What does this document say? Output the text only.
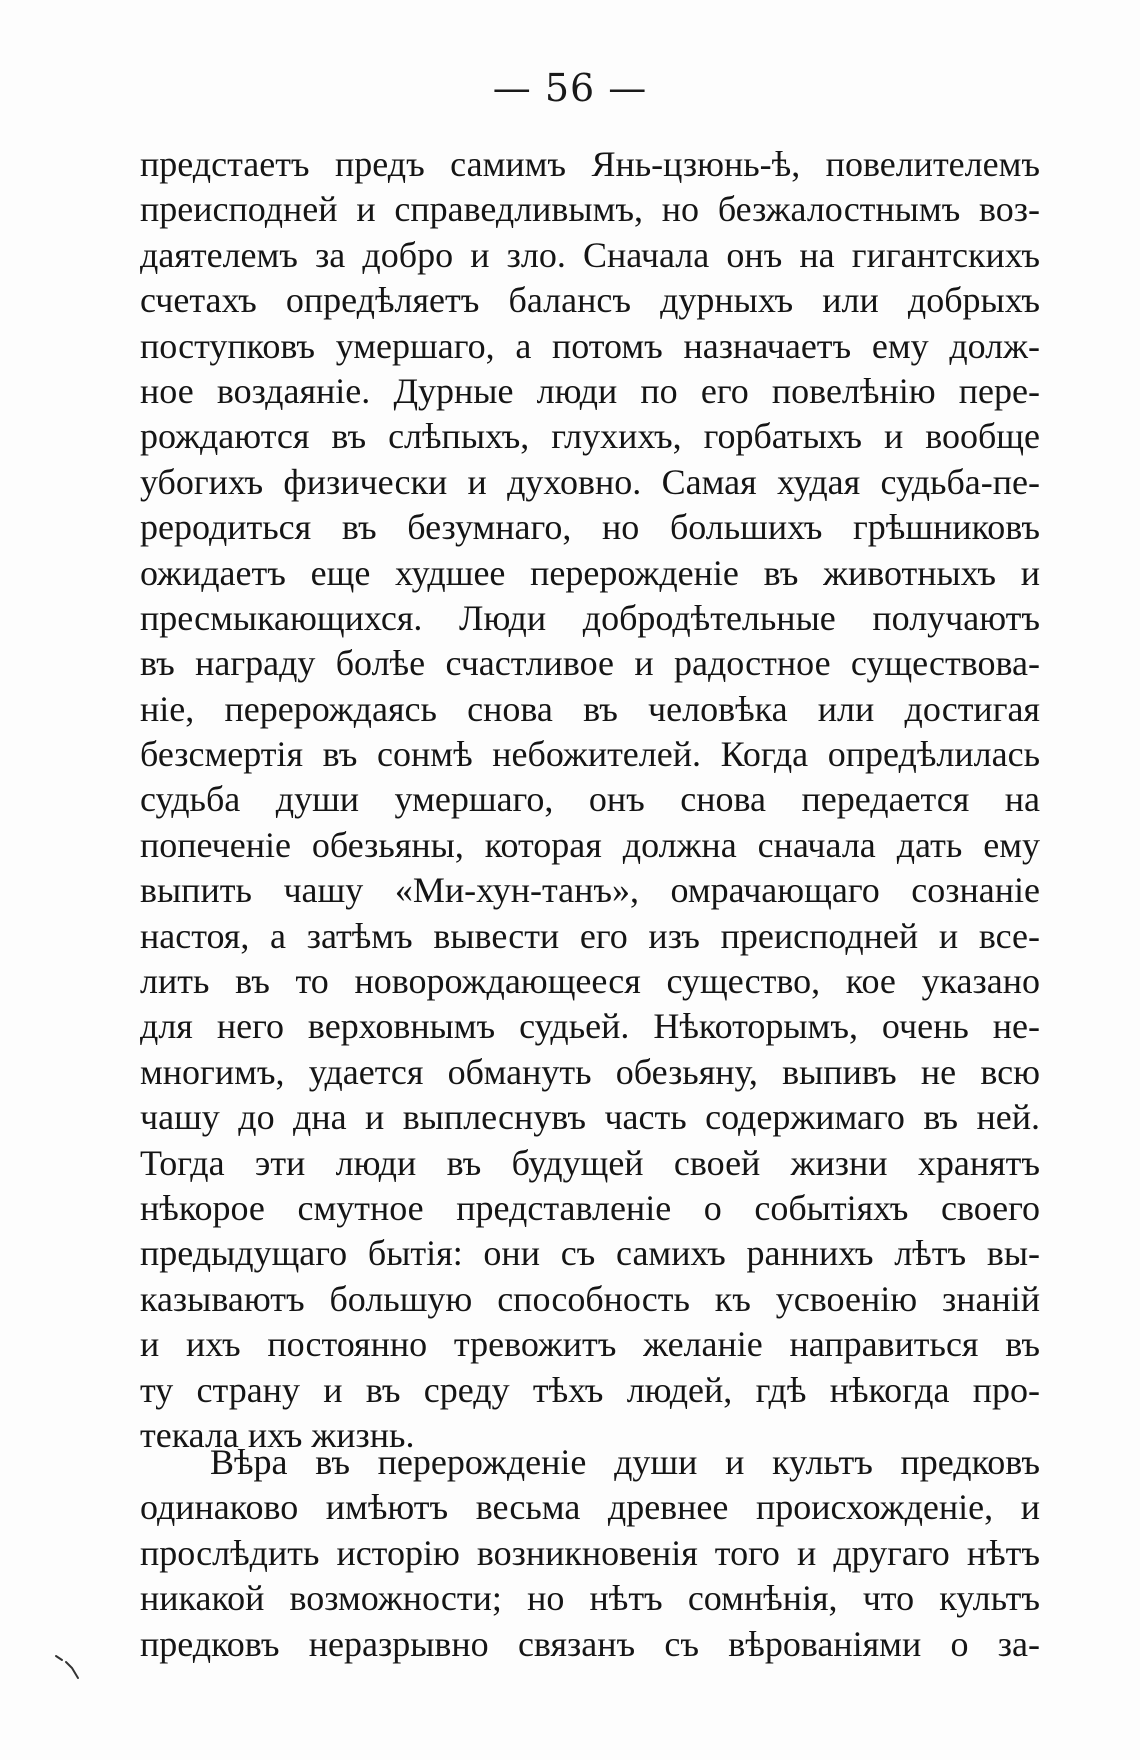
— 56 —
предстаетъ предъ самимъ Янь-цзюнь-ѣ, повелителемъ
преисподней и справедливымъ, но безжалостнымъ воз-
даятелемъ за добро и зло. Сначала онъ на гигантскихъ
счетахъ опредѣляетъ балансъ дурныхъ или добрыхъ
поступковъ умершаго, а потомъ назначаетъ ему долж-
ное воздаяніе. Дурные люди по его повелѣнію пере-
рождаются въ слѣпыхъ, глухихъ, горбатыхъ и вообще
убогихъ физически и духовно. Самая худая судьба-пе-
реродиться въ безумнаго, но большихъ грѣшниковъ
ожидаетъ еще худшее перерожденіе въ животныхъ и
пресмыкающихся. Люди добродѣтельные получаютъ
въ награду болѣе счастливое и радостное существова-
ніе, перерождаясь снова въ человѣка или достигая
безсмертія въ сонмѣ небожителей. Когда опредѣлилась
судьба души умершаго, онъ снова передается на
попеченіе обезьяны, которая должна сначала дать ему
выпить чашу «Ми-хун-танъ», омрачающаго сознаніе
настоя, а затѣмъ вывести его изъ преисподней и все-
лить въ то новорождающееся существо, кое указано
для него верховнымъ судьей. Нѣкоторымъ, очень не-
многимъ, удается обмануть обезьяну, выпивъ не всю
чашу до дна и выплеснувъ часть содержимаго въ ней.
Тогда эти люди въ будущей своей жизни хранятъ
нѣкорое смутное представленіе о событіяхъ своего
предыдущаго бытія: они съ самихъ раннихъ лѣтъ вы-
казываютъ большую способность къ усвоенію знаній
и ихъ постоянно тревожитъ желаніе направиться въ
ту страну и въ среду тѣхъ людей, гдѣ нѣкогда про-
текала ихъ жизнь.
Вѣра въ перерожденіе души и культъ предковъ
одинаково имѣютъ весьма древнее происхожденіе, и
прослѣдить исторію возникновенія того и другаго нѣтъ
никакой возможности; но нѣтъ сомнѣнія, что культъ
предковъ неразрывно связанъ съ вѣрованіями о за-
